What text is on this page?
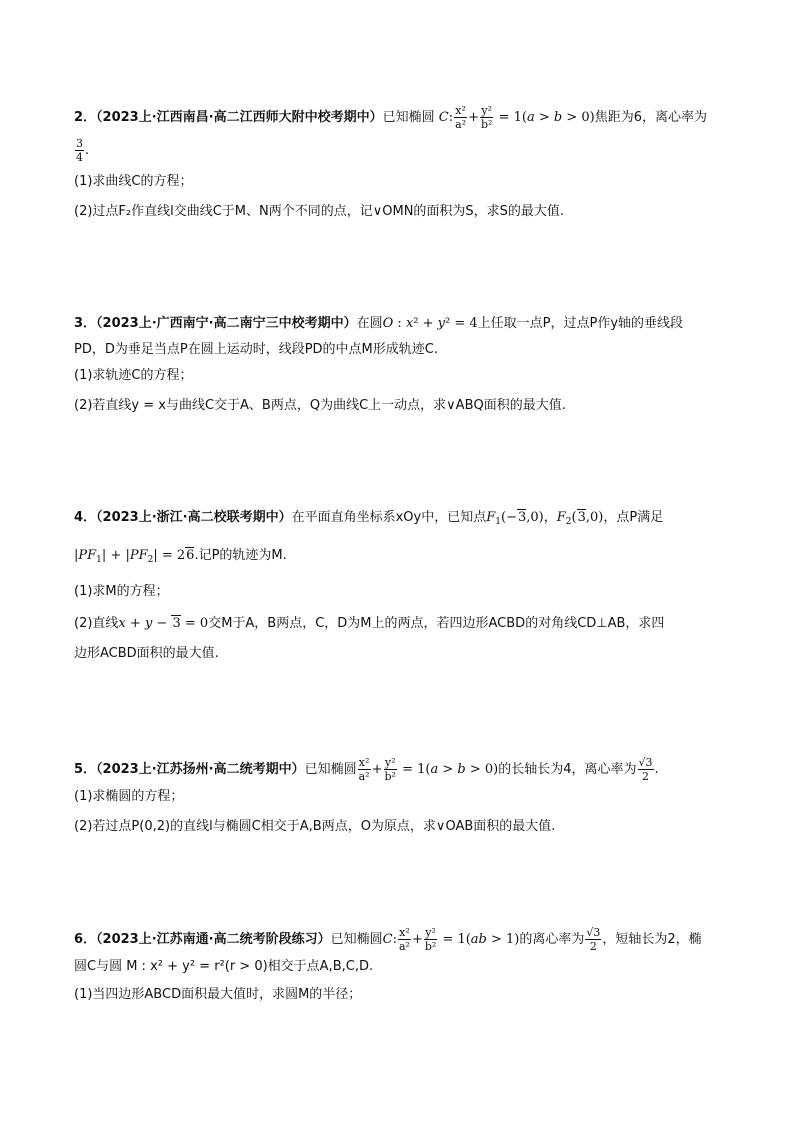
2．（2023上·江西南昌·高二江西师大附中校考期中）已知椭圆 C: $\frac{\text{x²}}{\text{a²}} + \frac{\text{y²}}{\text{b²}} = 1(a > b > 0)$焦距为6，离心率为
$\frac{3}{4}$ .
(1)求曲线C的方程；
(2)过点F₂作直线l交曲线C于M、N两个不同的点，记∨OMN的面积为S，求S的最大值.
3．（2023上·广西南宁·高二南宁三中校考期中）在圆O : x² + y² = 4上任取一点P，过点P作y轴的垂线段
PD，D为垂足当点P在圆上运动时，线段PD的中点M形成轨迹C.
(1)求轨迹C的方程；
(2)若直线y = x与曲线C交于A、B两点，Q为曲线C上一动点，求∨ABQ面积的最大值.
4．（2023上·浙江·高二校联考期中）在平面直角坐标系xOy中，已知点$F_1(-3,0)$，$F_2(3,0)$，点P满足
$|PF_1| + |PF_2| = 26$.记P的轨迹为M.
(1)求M的方程；
(2)直线x + y − 3 = 0交M于A，B两点，C，D为M上的两点，若四边形ACBD的对角线CD⊥AB，求四
边形ACBD面积的最大值.
5．（2023上·江苏扬州·高二统考期中）已知椭圆 $\frac{\text{x²}}{\text{a²}} + \frac{\text{y²}}{\text{b²}} = 1(a > b > 0)$的长轴长为4，离心率为 $\frac{√3}{2}$ .
(1)求椭圆的方程；
(2)若过点P(0,2)的直线l与椭圆C相交于A,B两点，O为原点，求∨OAB面积的最大值.
6．（2023上·江苏南通·高二统考阶段练习）已知椭圆C: $\frac{\text{x²}}{\text{a²}} + \frac{\text{y²}}{\text{b²}} = 1(ab > 1)$的离心率为 $\frac{√3}{2}$ ，短轴长为2，椭
圆C与圆 M : x² + y² = r²(r > 0)相交于点A,B,C,D.
(1)当四边形ABCD面积最大值时，求圆M的半径；
